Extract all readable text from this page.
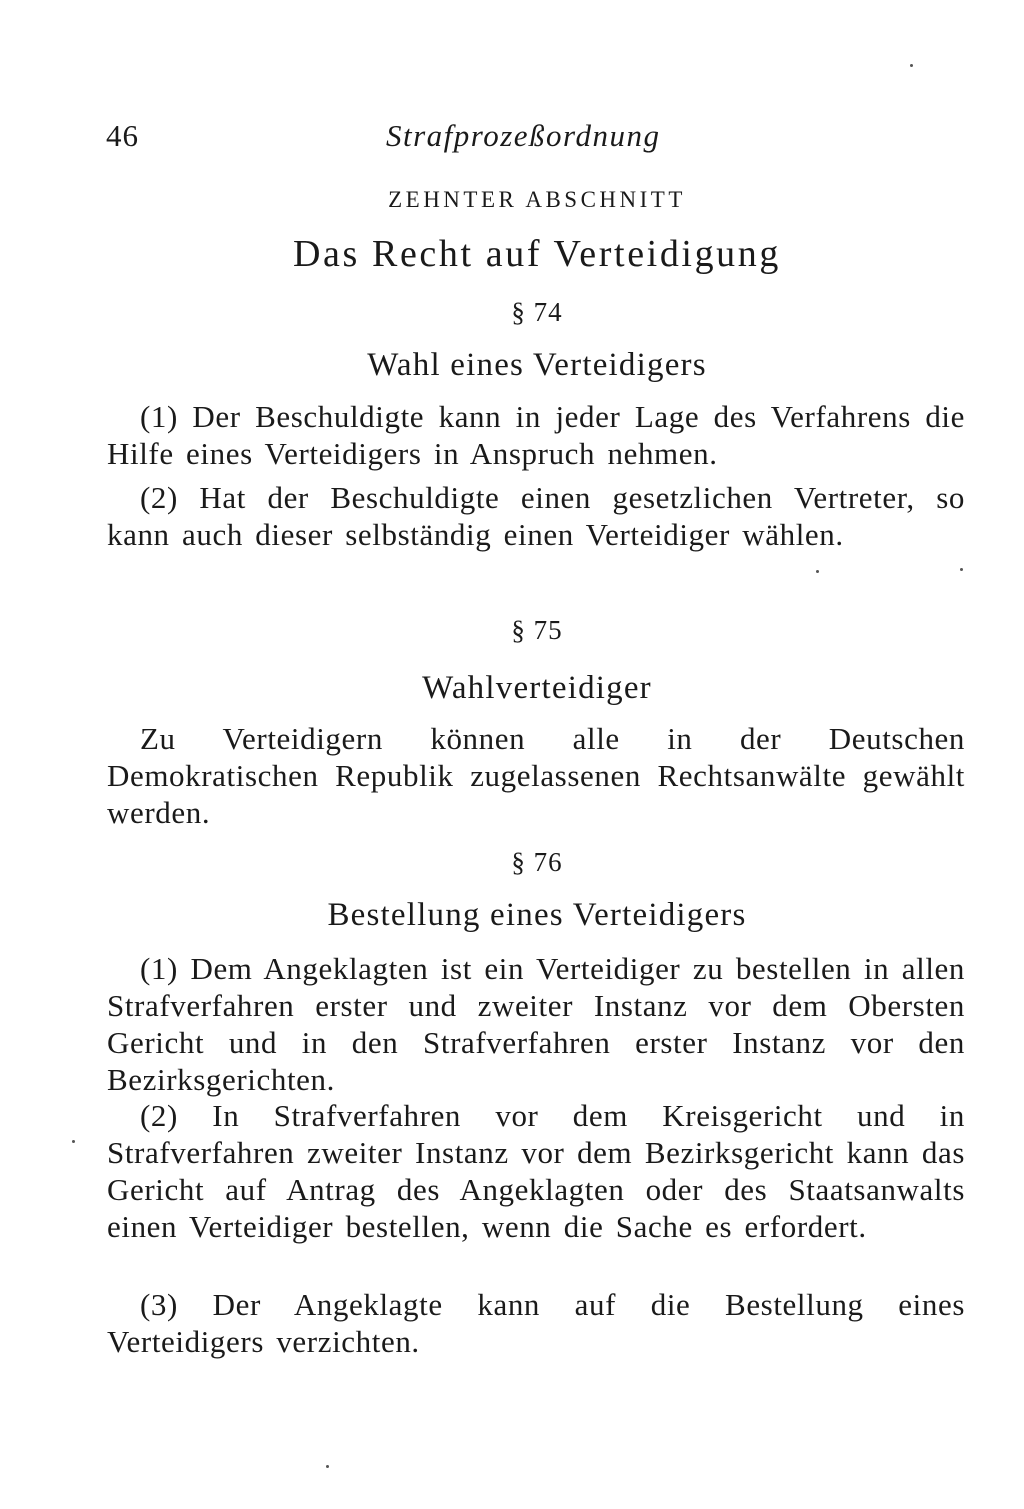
46	Strafprozeßordnung
ZEHNTER ABSCHNITT
Das Recht auf Verteidigung
§ 74
Wahl eines Verteidigers

(1) Der Beschuldigte kann in jeder Lage des Verfahrens die Hilfe eines Verteidigers in Anspruch nehmen.

(2) Hat der Beschuldigte einen gesetzlichen Vertreter, so kann auch dieser selbständig einen Verteidiger wählen.

§ 75
Wahlverteidiger

Zu Verteidigern können alle in der Deutschen Demokratischen Republik zugelassenen Rechtsanwälte gewählt werden.

§ 76
Bestellung eines Verteidigers

(1) Dem Angeklagten ist ein Verteidiger zu bestellen in allen Strafverfahren erster und zweiter Instanz vor dem Obersten Gericht und in den Strafverfahren erster Instanz vor den Bezirksgerichten.

(2) In Strafverfahren vor dem Kreisgericht und in Strafverfahren zweiter Instanz vor dem Bezirksgericht kann das Gericht auf Antrag des Angeklagten oder des Staatsanwalts einen Verteidiger bestellen, wenn die Sache es erfordert.

(3) Der Angeklagte kann auf die Bestellung eines Verteidigers verzichten.
